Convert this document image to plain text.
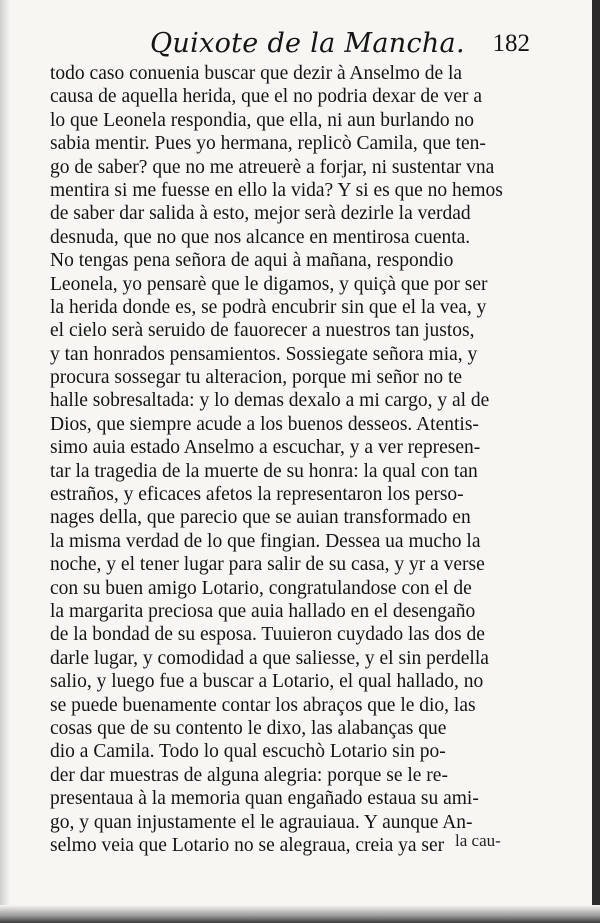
Quixote de la Mancha. 182
todo caso conuenia buscar que dezir à Anselmo de la
causa de aquella herida, que el no podria dexar de ver a
lo que Leonela respondia, que ella, ni aun burlando no
sabia mentir. Pues yo hermana, replicò Camila, que ten-
go de saber? que no me atreuerè a forjar, ni sustentar vna
mentira si me fuesse en ello la vida? Y si es que no hemos
de saber dar salida à esto, mejor serà dezirle la verdad
desnuda, que no que nos alcance en mentirosa cuenta.
No tengas pena señora de aqui à mañana, respondio
Leonela, yo pensarè que le digamos, y quiçà que por ser
la herida donde es, se podrà encubrir sin que el la vea, y
el cielo serà seruido de fauorecer a nuestros tan justos,
y tan honrados pensamientos. Sossiegate señora mia, y
procura sossegar tu alteracion, porque mi señor no te
halle sobresaltada: y lo demas dexalo a mi cargo, y al de
Dios, que siempre acude a los buenos desseos. Atentis-
simo auia estado Anselmo a escuchar, y a ver represen-
tar la tragedia de la muerte de su honra: la qual con tan
estraños, y eficaces afetos la representaron los perso-
nages della, que parecio que se auian transformado en
la misma verdad de lo que fingian. Dessea ua mucho la
noche, y el tener lugar para salir de su casa, y yr a verse
con su buen amigo Lotario, congratulandose con el de
la margarita preciosa que auia hallado en el desengaño
de la bondad de su esposa. Tuuieron cuydado las dos de
darle lugar, y comodidad a que saliesse, y el sin perdella
salio, y luego fue a buscar a Lotario, el qual hallado, no
se puede buenamente contar los abraços que le dio, las
cosas que de su contento le dixo, las alabanças que
dio a Camila. Todo lo qual escuchò Lotario sin po-
der dar muestras de alguna alegria: porque se le re-
presentaua à la memoria quan engañado estaua su ami-
go, y quan injustamente el le agrauiaua. Y aunque An-
selmo veia que Lotario no se alegraua, creia ya ser la cau-
